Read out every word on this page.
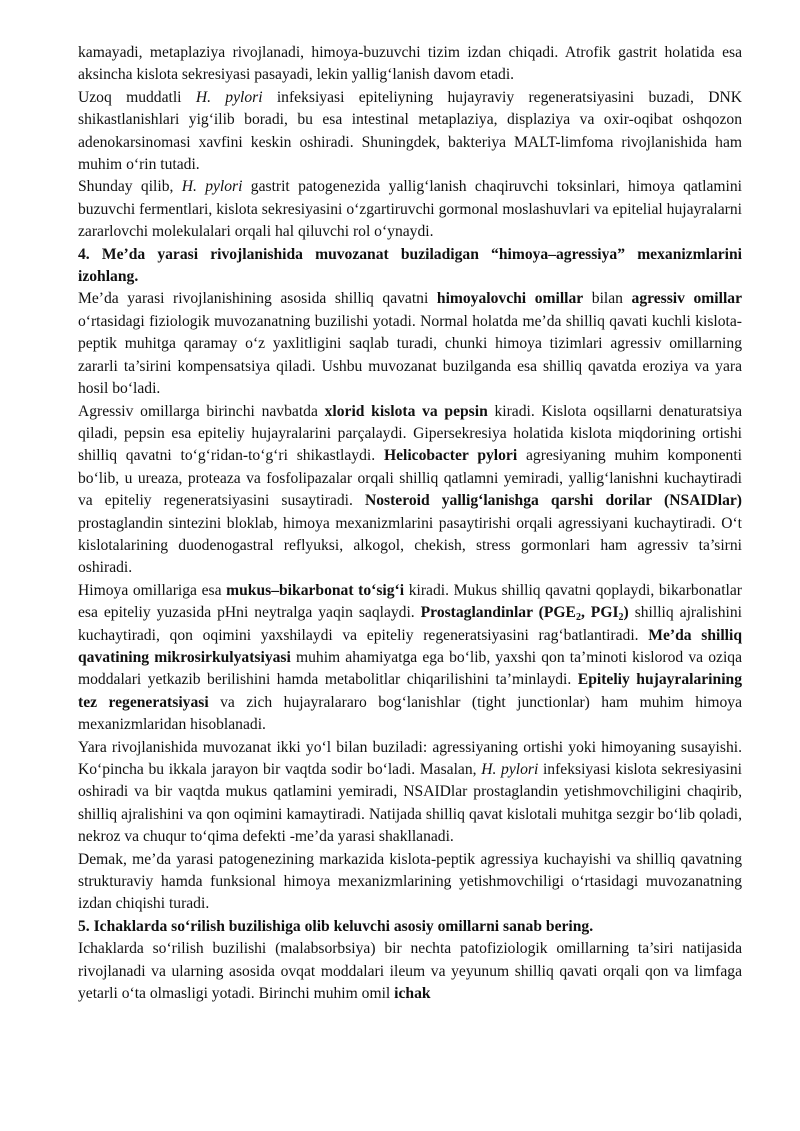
kamayadi, metaplaziya rivojlanadi, himoya-buzuvchi tizim izdan chiqadi. Atrofik gastrit holatida esa aksincha kislota sekresiyasi pasayadi, lekin yallig‘lanish davom etadi.

Uzoq muddatli H. pylori infeksiyasi epiteliyning hujayraviy regeneratsiyasini buzadi, DNK shikastlanishlari yig‘ilib boradi, bu esa intestinal metaplaziya, displaziya va oxir-oqibat oshqozon adenokarsinomasi xavfini keskin oshiradi. Shuningdek, bakteriya MALT-limfoma rivojlanishida ham muhim o‘rin tutadi.

Shunday qilib, H. pylori gastrit patogenezida yallig‘lanish chaqiruvchi toksinlari, himoya qatlamini buzuvchi fermentlari, kislota sekresiyasini o‘zgartiruvchi gormonal moslashuvlari va epitelial hujayralarni zararlovchi molekulalari orqali hal qiluvchi rol o‘ynaydi.

4. Me’da yarasi rivojlanishida muvozanat buziladigan “himoya–agressiya” mexanizmlarini izohlang.

Me’da yarasi rivojlanishining asosida shilliq qavatni himoyalovchi omillar bilan agressiv omillar o‘rtasidagi fiziologik muvozanatning buzilishi yotadi. Normal holatda me’da shilliq qavati kuchli kislota-peptik muhitga qaramay o‘z yaxlitligini saqlab turadi, chunki himoya tizimlari agressiv omillarning zararli ta’sirini kompensatsiya qiladi. Ushbu muvozanat buzilganda esa shilliq qavatda eroziya va yara hosil bo‘ladi.

Agressiv omillarga birinchi navbatda xlorid kislota va pepsin kiradi. Kislota oqsillarni denaturatsiya qiladi, pepsin esa epiteliy hujayralarini parçalaydi. Gipersekresiya holatida kislota miqdorining ortishi shilliq qavatni to‘g‘ridan-to‘g‘ri shikastlaydi. Helicobacter pylori agresiyaning muhim komponenti bo‘lib, u ureaza, proteaza va fosfolipazalar orqali shilliq qatlamni yemiradi, yallig‘lanishni kuchaytiradi va epiteliy regeneratsiyasini susaytiradi. Nosteroid yallig‘lanishga qarshi dorilar (NSAIDlar) prostaglandin sintezini bloklab, himoya mexanizmlarini pasaytirishi orqali agressiyani kuchaytiradi. O‘t kislotalarining duodenogastral reflyuksi, alkogol, chekish, stress gormonlari ham agressiv ta’sirni oshiradi.

Himoya omillariga esa mukus–bikarbonat to‘sig‘i kiradi. Mukus shilliq qavatni qoplaydi, bikarbonatlar esa epiteliy yuzasida pHni neytralga yaqin saqlaydi. Prostaglandinlar ($PGE_2$, $PGI_2$) shilliq ajralishini kuchaytiradi, qon oqimini yaxshilaydi va epiteliy regeneratsiyasini rag‘batlantiradi. Me’da shilliq qavatining mikrosirkulyatsiyasi muhim ahamiyatga ega bo‘lib, yaxshi qon ta’minoti kislorod va oziqa moddalari yetkazib berilishini hamda metabolitlar chiqarilishini ta’minlaydi. Epiteliy hujayralarining tez regeneratsiyasi va zich hujayralararo bog‘lanishlar (tight junctionlar) ham muhim himoya mexanizmlaridan hisoblanadi.

Yara rivojlanishida muvozanat ikki yo‘l bilan buziladi: agressiyaning ortishi yoki himoyaning susayishi. Ko‘pincha bu ikkala jarayon bir vaqtda sodir bo‘ladi. Masalan, H. pylori infeksiyasi kislota sekresiyasini oshiradi va bir vaqtda mukus qatlamini yemiradi, NSAIDlar prostaglandin yetishmovchiligini chaqirib, shilliq ajralishini va qon oqimini kamaytiradi. Natijada shilliq qavat kislotali muhitga sezgir bo‘lib qoladi, nekroz va chuqur to‘qima defekti -me’da yarasi shakllanadi.

Demak, me’da yarasi patogenezining markazida kislota-peptik agressiya kuchayishi va shilliq qavatning strukturaviy hamda funksional himoya mexanizmlarining yetishmovchiligi o‘rtasidagi muvozanatning izdan chiqishi turadi.

5. Ichaklarda so‘rilish buzilishiga olib keluvchi asosiy omillarni sanab bering.

Ichaklarda so‘rilish buzilishi (malabsorbsiya) bir nechta patofiziologik omillarning ta’siri natijasida rivojlanadi va ularning asosida ovqat moddalari ileum va yeyunum shilliq qavati orqali qon va limfaga yetarli o‘ta olmasligi yotadi. Birinchi muhim omil ichak
